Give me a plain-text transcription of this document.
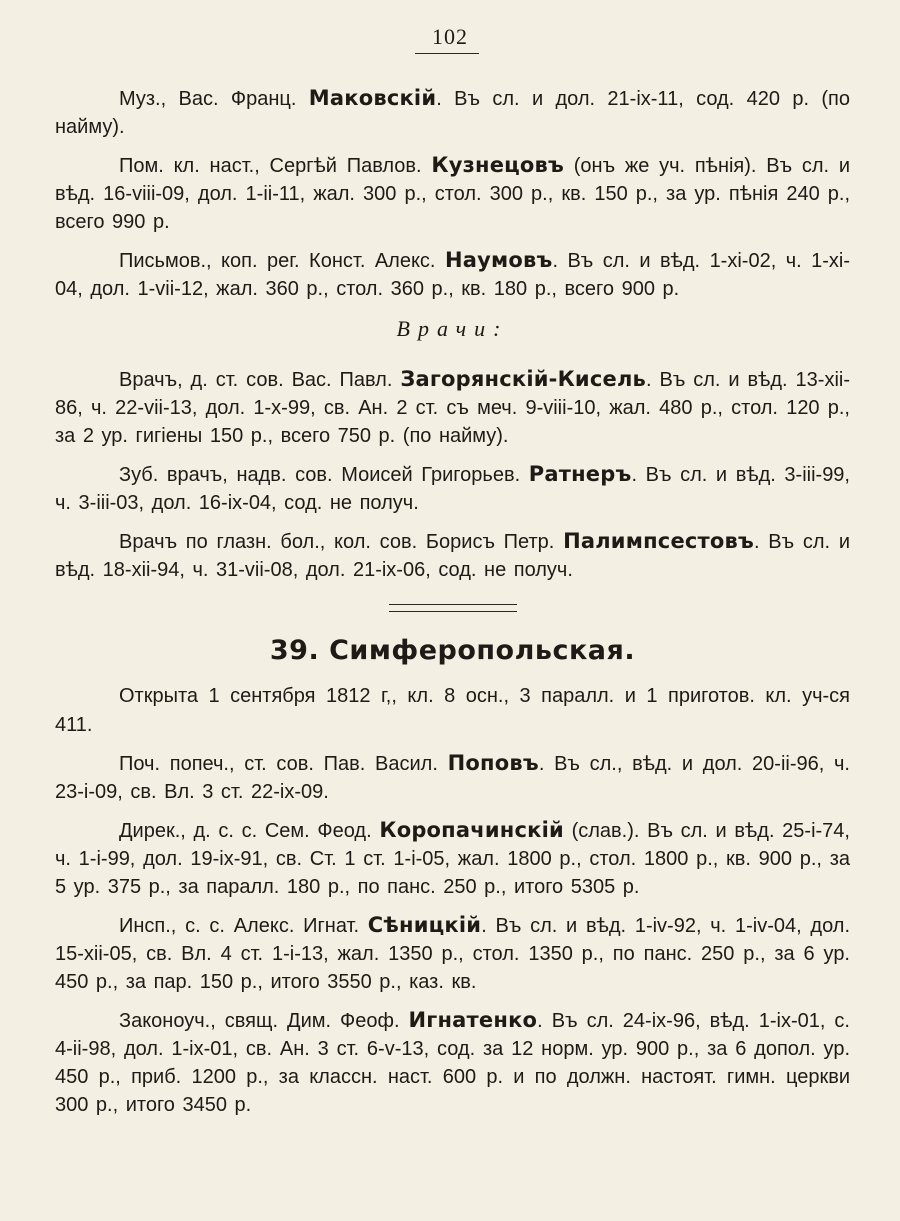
102

Муз., Вас. Франц. Маковскій. Въ сл. и дол. 21-ix-11, сод. 420 р. (по найму).

Пом. кл. наст., Сергѣй Павлов. Кузнецовъ (онъ же уч. пѣнія). Въ сл. и вѣд. 16-viii-09, дол. 1-ii-11, жал. 300 р., стол. 300 р., кв. 150 р., за ур. пѣнія 240 р., всего 990 р.

Письмов., коп. рег. Конст. Алекс. Наумовъ. Въ сл. и вѣд. 1-xi-02, ч. 1-xi-04, дол. 1-vii-12, жал. 360 р., стол. 360 р., кв. 180 р., всего 900 р.

Врачи:

Врачъ, д. ст. сов. Вас. Павл. Загорянскій-Кисель. Въ сл. и вѣд. 13-xii-86, ч. 22-vii-13, дол. 1-x-99, св. Ан. 2 ст. съ меч. 9-viii-10, жал. 480 р., стол. 120 р., за 2 ур. гигiены 150 р., всего 750 р. (по найму).

Зуб. врачъ, надв. сов. Моисей Григорьев. Ратнеръ. Въ сл. и вѣд. 3-iii-99, ч. 3-iii-03, дол. 16-ix-04, сод. не получ.

Врачъ по глазн. бол., кол. сов. Борисъ Петр. Палимпсестовъ. Въ сл. и вѣд. 18-xii-94, ч. 31-vii-08, дол. 21-ix-06, сод. не получ.

39. Симферопольская.

Открыта 1 сентября 1812 г,, кл. 8 осн., 3 паралл. и 1 приготов. кл. уч-ся 411.

Поч. попеч., ст. сов. Пав. Васил. Поповъ. Въ сл., вѣд. и дол. 20-ii-96, ч. 23-i-09, св. Вл. 3 ст. 22-ix-09.

Дирек., д. с. с. Сем. Феод. Коропачинскій (слав.). Въ сл. и вѣд. 25-i-74, ч. 1-i-99, дол. 19-ix-91, св. Ст. 1 ст. 1-i-05, жал. 1800 р., стол. 1800 р., кв. 900 р., за 5 ур. 375 р., за паралл. 180 р., по панс. 250 р., итого 5305 р.

Инсп., с. с. Алекс. Игнат. Сѣницкій. Въ сл. и вѣд. 1-iv-92, ч. 1-iv-04, дол. 15-xii-05, св. Вл. 4 ст. 1-i-13, жал. 1350 р., стол. 1350 р., по панс. 250 р., за 6 ур. 450 р., за пар. 150 р., итого 3550 р., каз. кв.

Законоуч., свящ. Дим. Феоф. Игнатенко. Въ сл. 24-ix-96, вѣд. 1-ix-01, с. 4-ii-98, дол. 1-ix-01, св. Ан. 3 ст. 6-v-13, сод. за 12 норм. ур. 900 р., за 6 допол. ур. 450 р., приб. 1200 р., за классн. наст. 600 р. и по должн. настоят. гимн. церкви 300 р., итого 3450 р.
